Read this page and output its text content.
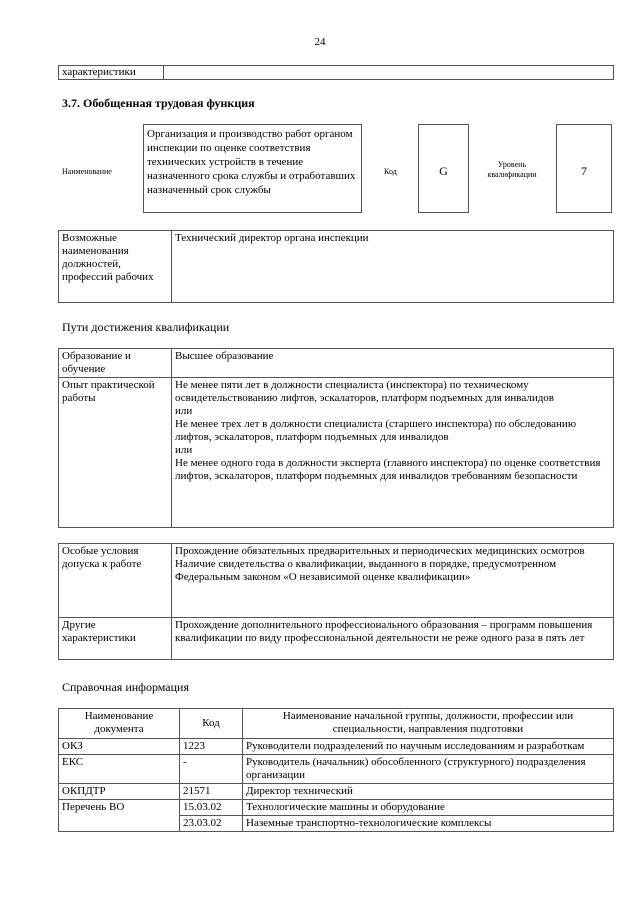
24
характеристики	
3.7. Обобщенная трудовая функция
Наименование
Организация и производство работ органом инспекции по оценке соответствия технических устройств в течение назначенного срока службы и отработавших назначенный срок службы
Код	G	Уровень квалификации	7
Возможные наименования должностей, профессий рабочих	Технический директор органа инспекции
Пути достижения квалификации
Образование и обучение	Высшее образование
Опыт практической работы	Не менее пяти лет в должности специалиста (инспектора) по техническому освидетельствованию лифтов, эскалаторов, платформ подъемных для инвалидов
или
Не менее трех лет в должности специалиста (старшего инспектора) по обследованию лифтов, эскалаторов, платформ подъемных для инвалидов
или
Не менее одного года в должности эксперта (главного инспектора) по оценке соответствия лифтов, эскалаторов, платформ подъемных для инвалидов требованиям безопасности
Особые условия допуска к работе	Прохождение обязательных предварительных и периодических медицинских осмотров
Наличие свидетельства о квалификации, выданного в порядке, предусмотренном Федеральным законом «О независимой оценке квалификации»
Другие характеристики	Прохождение дополнительного профессионального образования – программ повышения квалификации по виду профессиональной деятельности не реже одного раза в пять лет
Справочная информация
Наименование документа	Код	Наименование начальной группы, должности, профессии или специальности, направления подготовки
ОКЗ	1223	Руководители подразделений по научным исследованиям и разработкам
ЕКС	-	Руководитель (начальник) обособленного (структурного) подразделения организации
ОКПДТР	21571	Директор технический
Перечень ВО	15.03.02	Технологические машины и оборудование
	23.03.02	Наземные транспортно-технологические комплексы
